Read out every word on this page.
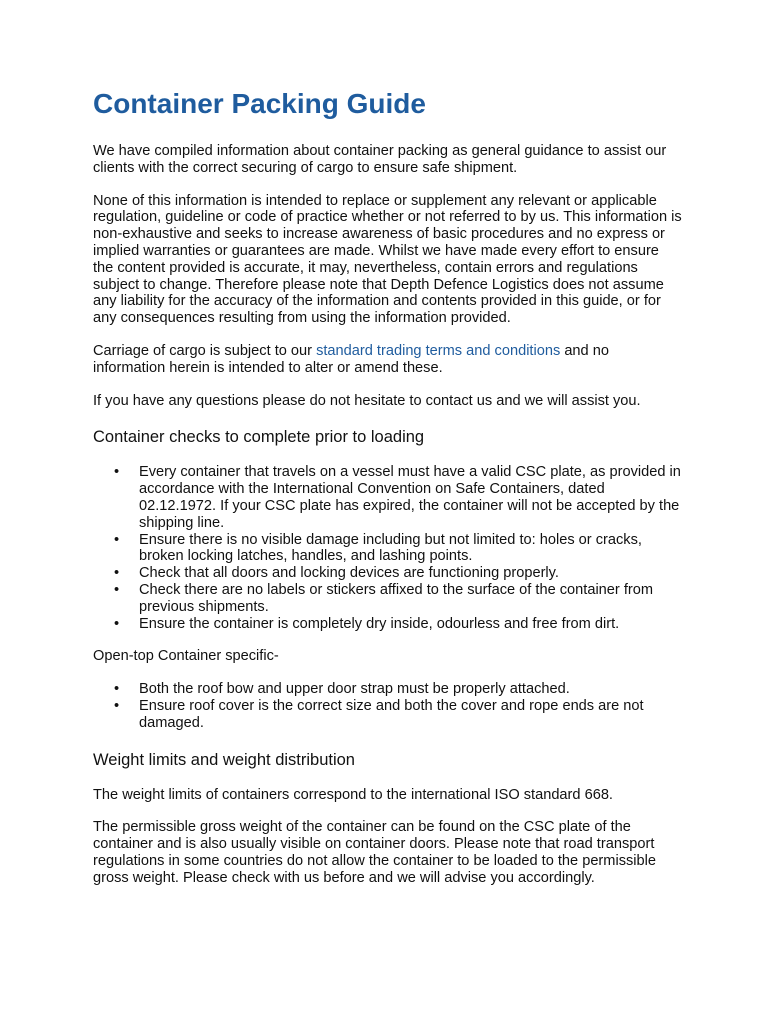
Container Packing Guide

We have compiled information about container packing as general guidance to assist our clients with the correct securing of cargo to ensure safe shipment.

None of this information is intended to replace or supplement any relevant or applicable regulation, guideline or code of practice whether or not referred to by us. This information is non-exhaustive and seeks to increase awareness of basic procedures and no express or implied warranties or guarantees are made. Whilst we have made every effort to ensure the content provided is accurate, it may, nevertheless, contain errors and regulations subject to change. Therefore please note that Depth Defence Logistics does not assume any liability for the accuracy of the information and contents provided in this guide, or for any consequences resulting from using the information provided.

Carriage of cargo is subject to our standard trading terms and conditions and no information herein is intended to alter or amend these.

If you have any questions please do not hesitate to contact us and we will assist you.

Container checks to complete prior to loading
• Every container that travels on a vessel must have a valid CSC plate, as provided in accordance with the International Convention on Safe Containers, dated 02.12.1972. If your CSC plate has expired, the container will not be accepted by the shipping line.
• Ensure there is no visible damage including but not limited to: holes or cracks, broken locking latches, handles, and lashing points.
• Check that all doors and locking devices are functioning properly.
• Check there are no labels or stickers affixed to the surface of the container from previous shipments.
• Ensure the container is completely dry inside, odourless and free from dirt.

Open-top Container specific-

• Both the roof bow and upper door strap must be properly attached.
• Ensure roof cover is the correct size and both the cover and rope ends are not damaged.
Weight limits and weight distribution

The weight limits of containers correspond to the international ISO standard 668.

The permissible gross weight of the container can be found on the CSC plate of the container and is also usually visible on container doors. Please note that road transport regulations in some countries do not allow the container to be loaded to the permissible gross weight. Please check with us before and we will advise you accordingly.
